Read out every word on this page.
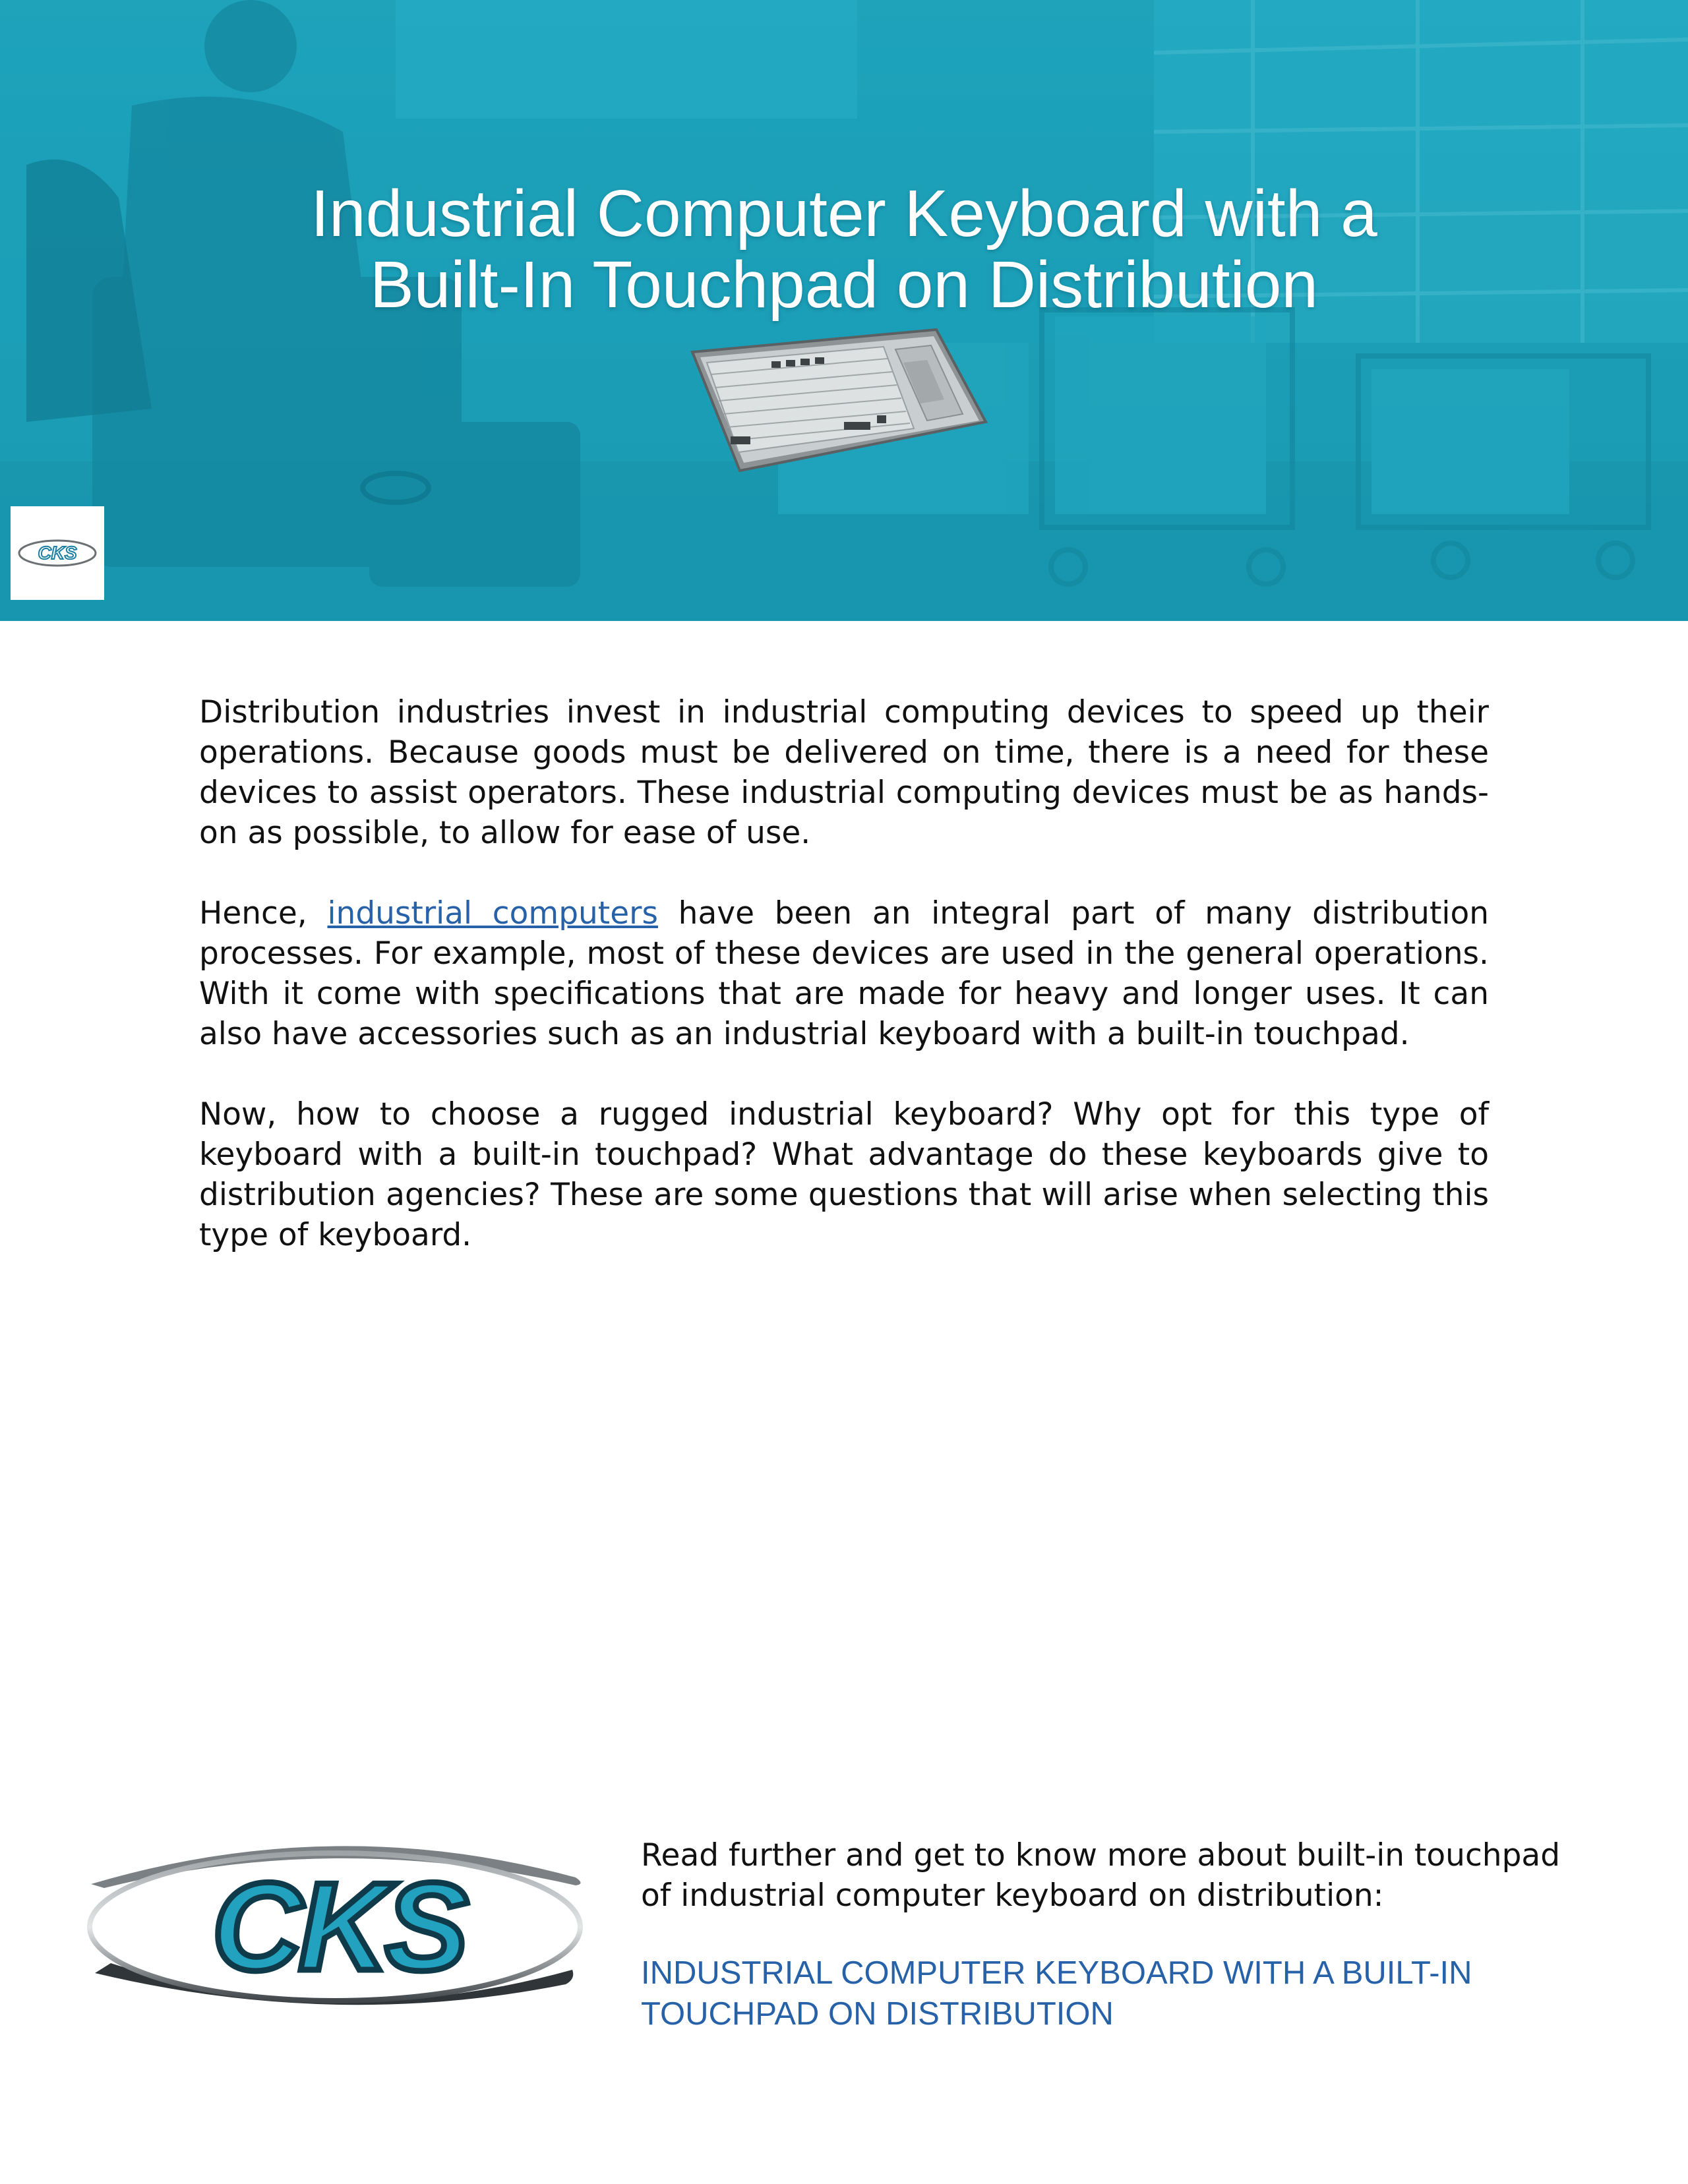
Industrial Computer Keyboard with a
Built-In Touchpad on Distribution
CKS

Distribution industries invest in industrial computing devices to speed up their operations. Because goods must be delivered on time, there is a need for these devices to assist operators. These industrial computing devices must be as hands-on as possible, to allow for ease of use.

Hence, industrial computers have been an integral part of many distribution processes. For example, most of these devices are used in the general operations. With it come with specifications that are made for heavy and longer uses. It can also have accessories such as an industrial keyboard with a built-in touchpad.

Now, how to choose a rugged industrial keyboard? Why opt for this type of keyboard with a built-in touchpad? What advantage do these keyboards give to distribution agencies? These are some questions that will arise when selecting this type of keyboard.

CKS
Read further and get to know more about built-in touchpad of industrial computer keyboard on distribution:
INDUSTRIAL COMPUTER KEYBOARD WITH A BUILT-IN TOUCHPAD ON DISTRIBUTION
